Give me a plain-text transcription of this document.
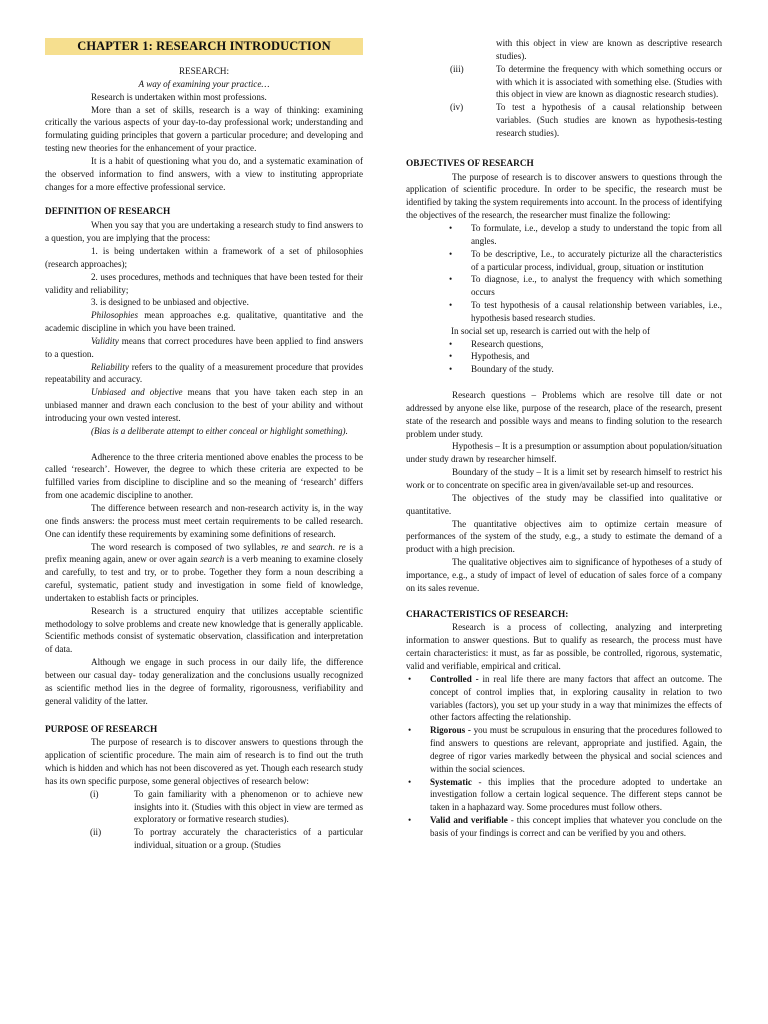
CHAPTER 1: RESEARCH INTRODUCTION

RESEARCH:

A way of examining your practice…

Research is undertaken within most professions.

More than a set of skills, research is a way of thinking: examining critically the various aspects of your day-to-day professional work; understanding and formulating guiding principles that govern a particular procedure; and developing and testing new theories for the enhancement of your practice.

It is a habit of questioning what you do, and a systematic examination of the observed information to find answers, with a view to instituting appropriate changes for a more effective professional service.

DEFINITION OF RESEARCH

When you say that you are undertaking a research study to find answers to a question, you are implying that the process:

1. is being undertaken within a framework of a set of philosophies (research approaches);

2. uses procedures, methods and techniques that have been tested for their validity and reliability;

3. is designed to be unbiased and objective.

Philosophies mean approaches e.g. qualitative, quantitative and the academic discipline in which you have been trained.

Validity means that correct procedures have been applied to find answers to a question.

Reliability refers to the quality of a measurement procedure that provides repeatability and accuracy.

Unbiased and objective means that you have taken each step in an unbiased manner and drawn each conclusion to the best of your ability and without introducing your own vested interest.

(Bias is a deliberate attempt to either conceal or highlight something).

Adherence to the three criteria mentioned above enables the process to be called ‘research’. However, the degree to which these criteria are expected to be fulfilled varies from discipline to discipline and so the meaning of ‘research’ differs from one academic discipline to another.

The difference between research and non-research activity is, in the way one finds answers: the process must meet certain requirements to be called research. One can identify these requirements by examining some definitions of research.

The word research is composed of two syllables, re and search. re is a prefix meaning again, anew or over again search is a verb meaning to examine closely and carefully, to test and try, or to probe. Together they form a noun describing a careful, systematic, patient study and investigation in some field of knowledge, undertaken to establish facts or principles.

Research is a structured enquiry that utilizes acceptable scientific methodology to solve problems and create new knowledge that is generally applicable. Scientific methods consist of systematic observation, classification and interpretation of data.

Although we engage in such process in our daily life, the difference between our casual day- today generalization and the conclusions usually recognized as scientific method lies in the degree of formality, rigorousness, verifiability and general validity of the latter.

PURPOSE OF RESEARCH

The purpose of research is to discover answers to questions through the application of scientific procedure. The main aim of research is to find out the truth which is hidden and which has not been discovered as yet. Though each research study has its own specific purpose, some general objectives of research below:

(i)	To gain familiarity with a phenomenon or to achieve new insights into it. (Studies with this object in view are termed as exploratory or formative research studies).
(ii)	To portray accurately the characteristics of a particular individual, situation or a group. (Studies
with this object in view are known as descriptive research studies).
(iii)	To determine the frequency with which something occurs or with which it is associated with something else. (Studies with this object in view are known as diagnostic research studies).
(iv)	To test a hypothesis of a causal relationship between variables. (Such studies are known as hypothesis-testing research studies).

OBJECTIVES OF RESEARCH

The purpose of research is to discover answers to questions through the application of scientific procedure. In order to be specific, the research must be identified by taking the system requirements into account. In the process of identifying the objectives of the research, the researcher must finalize the following:

•	To formulate, i.e., develop a study to understand the topic from all angles.
•	To be descriptive, I.e., to accurately picturize all the characteristics of a particular process, individual, group, situation or institution
•	To diagnose, i.e., to analyst the frequency with which something occurs
•	To test hypothesis of a causal relationship between variables, i.e., hypothesis based research studies.

In social set up, research is carried out with the help of

•	Research questions,
•	Hypothesis, and
•	Boundary of the study.

Research questions – Problems which are resolve till date or not addressed by anyone else like, purpose of the research, place of the research, present state of the research and possible ways and means to finding solution to the research problem under study.

Hypothesis – It is a presumption or assumption about population/situation under study drawn by researcher himself.

Boundary of the study – It is a limit set by research himself to restrict his work or to concentrate on specific area in given/available set-up and resources.

The objectives of the study may be classified into qualitative or quantitative.

The quantitative objectives aim to optimize certain measure of performances of the system of the study, e.g., a study to estimate the demand of a product with a high precision.

The qualitative objectives aim to significance of hypotheses of a study of importance, e.g., a study of impact of level of education of sales force of a company on its sales revenue.

CHARACTERISTICS OF RESEARCH:

Research is a process of collecting, analyzing and interpreting information to answer questions. But to qualify as research, the process must have certain characteristics: it must, as far as possible, be controlled, rigorous, systematic, valid and verifiable, empirical and critical.

•	Controlled - in real life there are many factors that affect an outcome. The concept of control implies that, in exploring causality in relation to two variables (factors), you set up your study in a way that minimizes the effects of other factors affecting the relationship.
•	Rigorous - you must be scrupulous in ensuring that the procedures followed to find answers to questions are relevant, appropriate and justified. Again, the degree of rigor varies markedly between the physical and social sciences and within the social sciences.
•	Systematic - this implies that the procedure adopted to undertake an investigation follow a certain logical sequence. The different steps cannot be taken in a haphazard way. Some procedures must follow others.
•	Valid and verifiable - this concept implies that whatever you conclude on the basis of your findings is correct and can be verified by you and others.
